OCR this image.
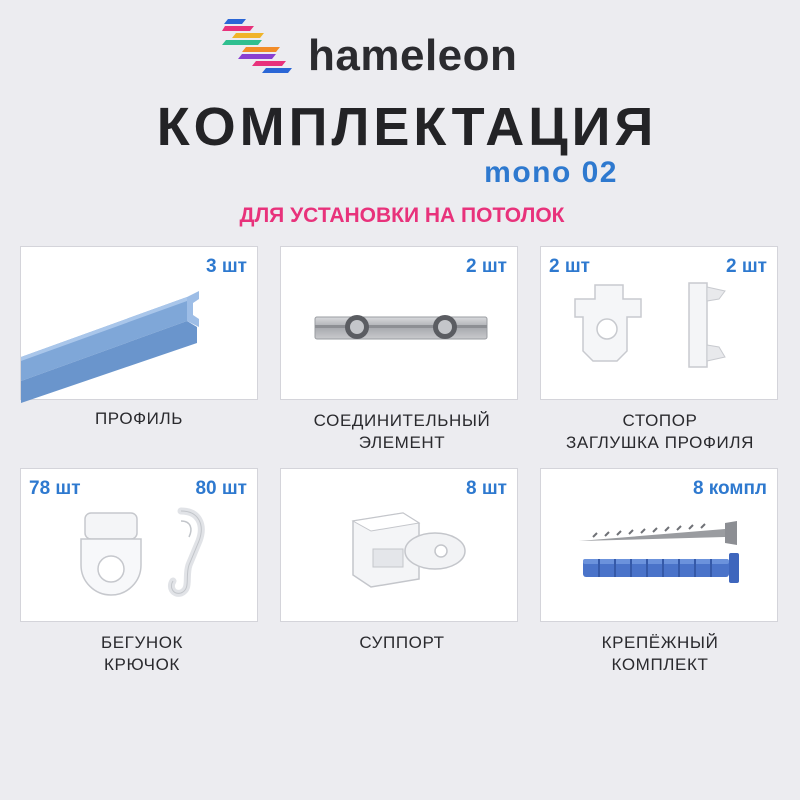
hameleon
КОМПЛЕКТАЦИЯ
mono 02
ДЛЯ УСТАНОВКИ НА ПОТОЛОК
3 шт
ПРОФИЛЬ
2 шт
СОЕДИНИТЕЛЬНЫЙ
ЭЛЕМЕНТ
2 шт	2 шт
СТОПОР
ЗАГЛУШКА ПРОФИЛЯ
78 шт	80 шт
БЕГУНОК
КРЮЧОК
8 шт
СУППОРТ
8 компл
КРЕПЁЖНЫЙ
КОМПЛЕКТ
